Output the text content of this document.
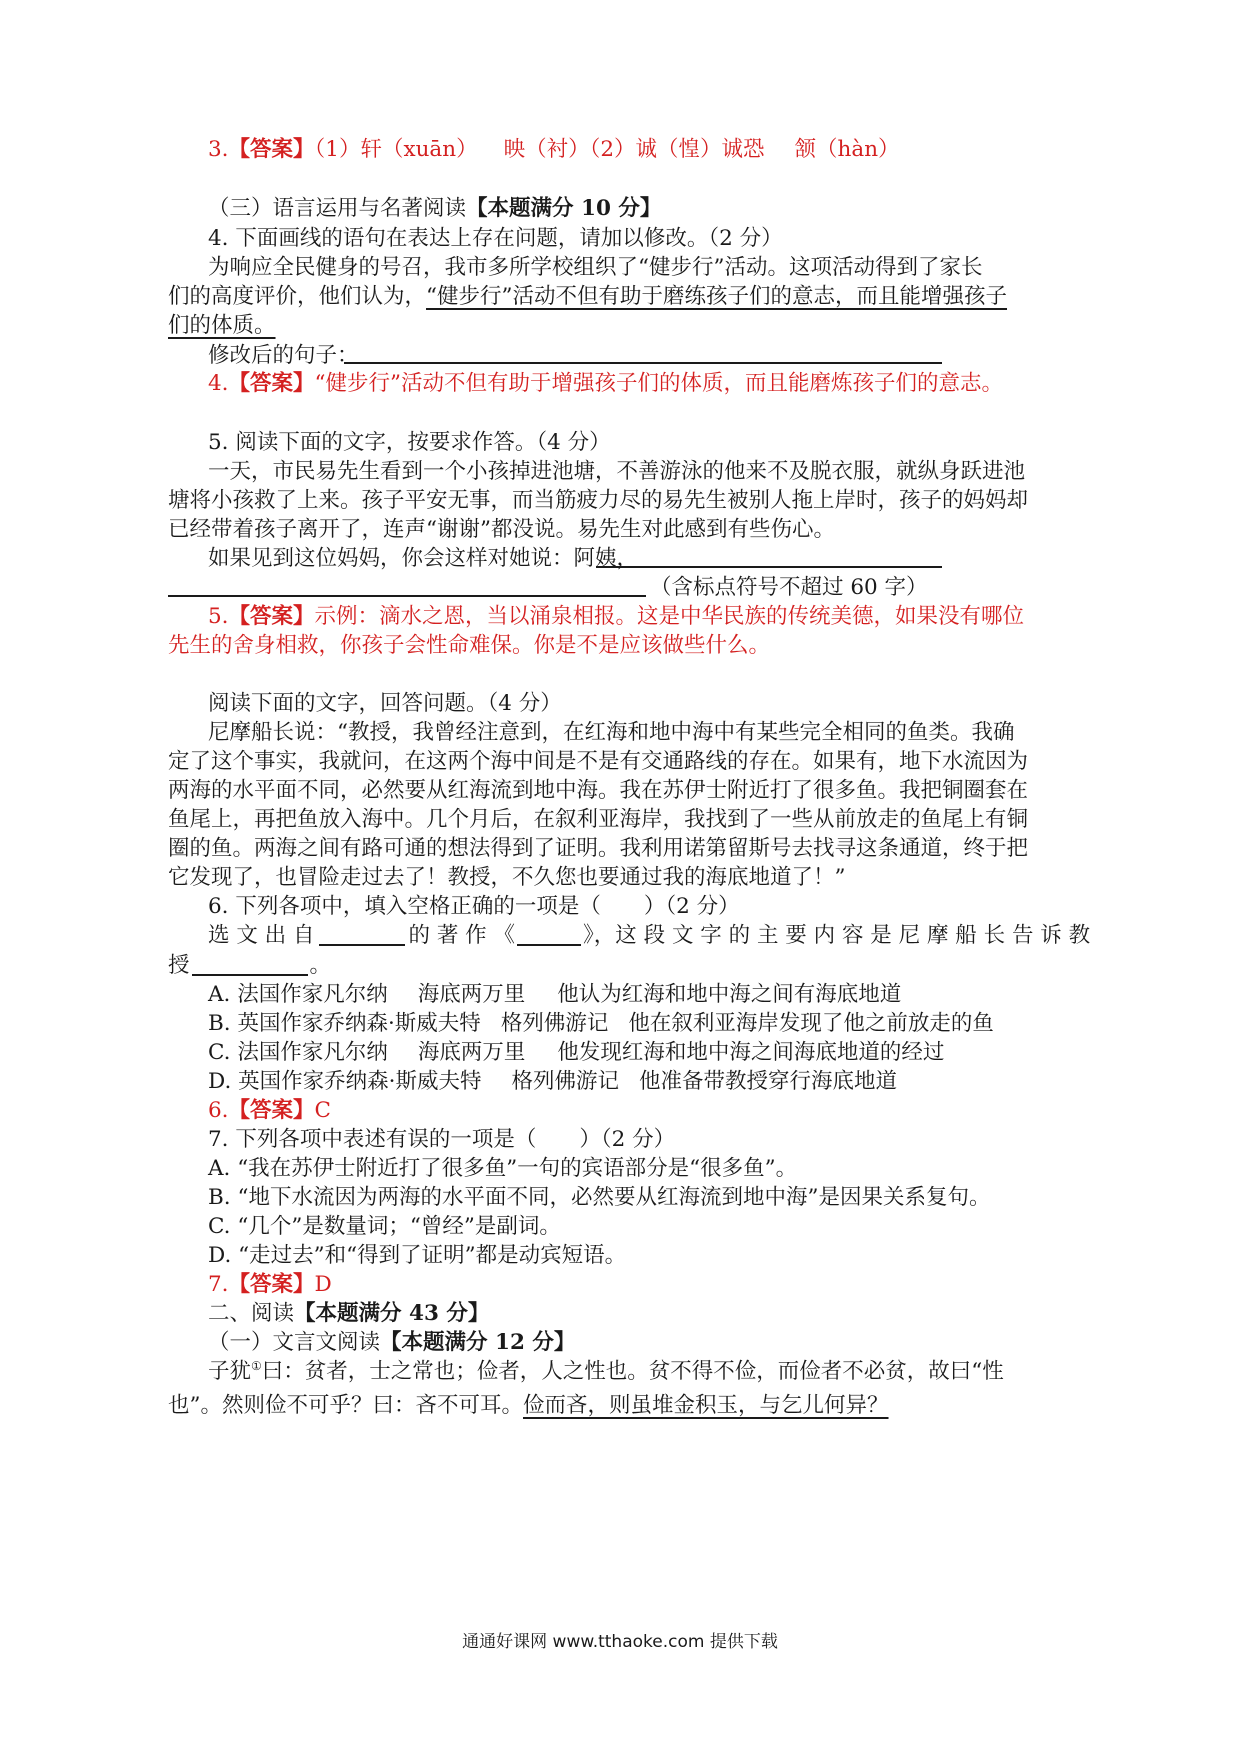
3.【答案】（1）轩（xuān） 映（衬）（2）诚（惶）诚恐 颔（hàn）
（三）语言运用与名著阅读【本题满分 10 分】
4. 下面画线的语句在表达上存在问题，请加以修改。（2 分）
为响应全民健身的号召，我市多所学校组织了“健步行”活动。这项活动得到了家长
们的高度评价，他们认为，“健步行”活动不但有助于磨练孩子们的意志，而且能增强孩子
们的体质。
修改后的句子：
4.【答案】“健步行”活动不但有助于增强孩子们的体质，而且能磨炼孩子们的意志。
5. 阅读下面的文字，按要求作答。（4 分）
一天，市民易先生看到一个小孩掉进池塘，不善游泳的他来不及脱衣服，就纵身跃进池
塘将小孩救了上来。孩子平安无事，而当筋疲力尽的易先生被别人拖上岸时，孩子的妈妈却
已经带着孩子离开了，连声“谢谢”都没说。易先生对此感到有些伤心。
如果见到这位妈妈，你会这样对她说：阿姨，
（含标点符号不超过 60 字）
5.【答案】示例：滴水之恩，当以涌泉相报。这是中华民族的传统美德，如果没有哪位
先生的舍身相救，你孩子会性命难保。你是不是应该做些什么。
阅读下面的文字，回答问题。（4 分）
尼摩船长说：“教授，我曾经注意到，在红海和地中海中有某些完全相同的鱼类。我确
定了这个事实，我就问，在这两个海中间是不是有交通路线的存在。如果有，地下水流因为
两海的水平面不同，必然要从红海流到地中海。我在苏伊士附近打了很多鱼。我把铜圈套在
鱼尾上，再把鱼放入海中。几个月后，在叙利亚海岸，我找到了一些从前放走的鱼尾上有铜
圈的鱼。两海之间有路可通的想法得到了证明。我利用诺第留斯号去找寻这条通道，终于把
它发现了，也冒险走过去了！教授，不久您也要通过我的海底地道了！”
6. 下列各项中，填入空格正确的一项是（　　）（2 分）
选 文 出 自	的 著 作 《	》，这 段 文 字 的 主 要 内 容 是 尼 摩 船 长 告 诉 教
授	。
A. 法国作家凡尔纳 海底两万里 他认为红海和地中海之间有海底地道
B. 英国作家乔纳森·斯威夫特 格列佛游记 他在叙利亚海岸发现了他之前放走的鱼
C. 法国作家凡尔纳 海底两万里 他发现红海和地中海之间海底地道的经过
D. 英国作家乔纳森·斯威夫特 格列佛游记 他准备带教授穿行海底地道
6.【答案】C
7. 下列各项中表述有误的一项是（　　）（2 分）
A. “我在苏伊士附近打了很多鱼”一句的宾语部分是“很多鱼”。
B. “地下水流因为两海的水平面不同，必然要从红海流到地中海”是因果关系复句。
C. “几个”是数量词；“曾经”是副词。
D. “走过去”和“得到了证明”都是动宾短语。
7.【答案】D
二、阅读【本题满分 43 分】
（一）文言文阅读【本题满分 12 分】
子犹①曰：贫者，士之常也；俭者，人之性也。贫不得不俭，而俭者不必贫，故曰“性
也”。然则俭不可乎？曰：吝不可耳。俭而吝，则虽堆金积玉，与乞儿何异？
通通好课网 www.tthaoke.com 提供下载
